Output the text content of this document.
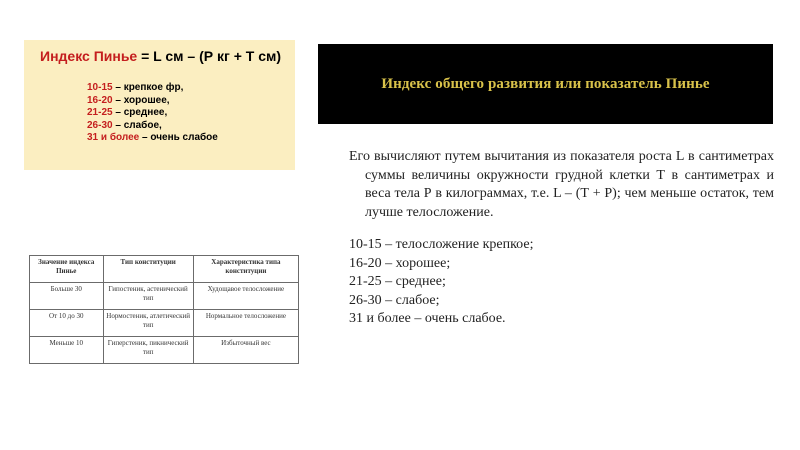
Индекс Пинье = L см – (Р кг + Т см)
10-15 – крепкое фр,
16-20 – хорошее,
21-25 – среднее,
26-30 – слабое,
31 и более – очень слабое
Значение индекса Пинье	Тип конституции	Характеристика типа конституции
Больше 30	Гипостеник, астенический тип	Худощавое телосложение
От 10 до 30	Нормостеник, атлетический тип	Нормальное телосложение
Меньше 10	Гиперстеник, пикнический тип	Избыточный вес
Индекс общего развития или показатель Пинье

Его вычисляют путем вычитания из показателя роста L в сантиметрах суммы величины окружности грудной клетки Т в сантиметрах и веса тела Р в килограммах, т.е. L – (Т + Р); чем меньше остаток, тем лучше телосложение.

10-15 – телосложение крепкое;
16-20 – хорошее;
21-25 – среднее;
26-30 – слабое;
31 и более – очень слабое.
